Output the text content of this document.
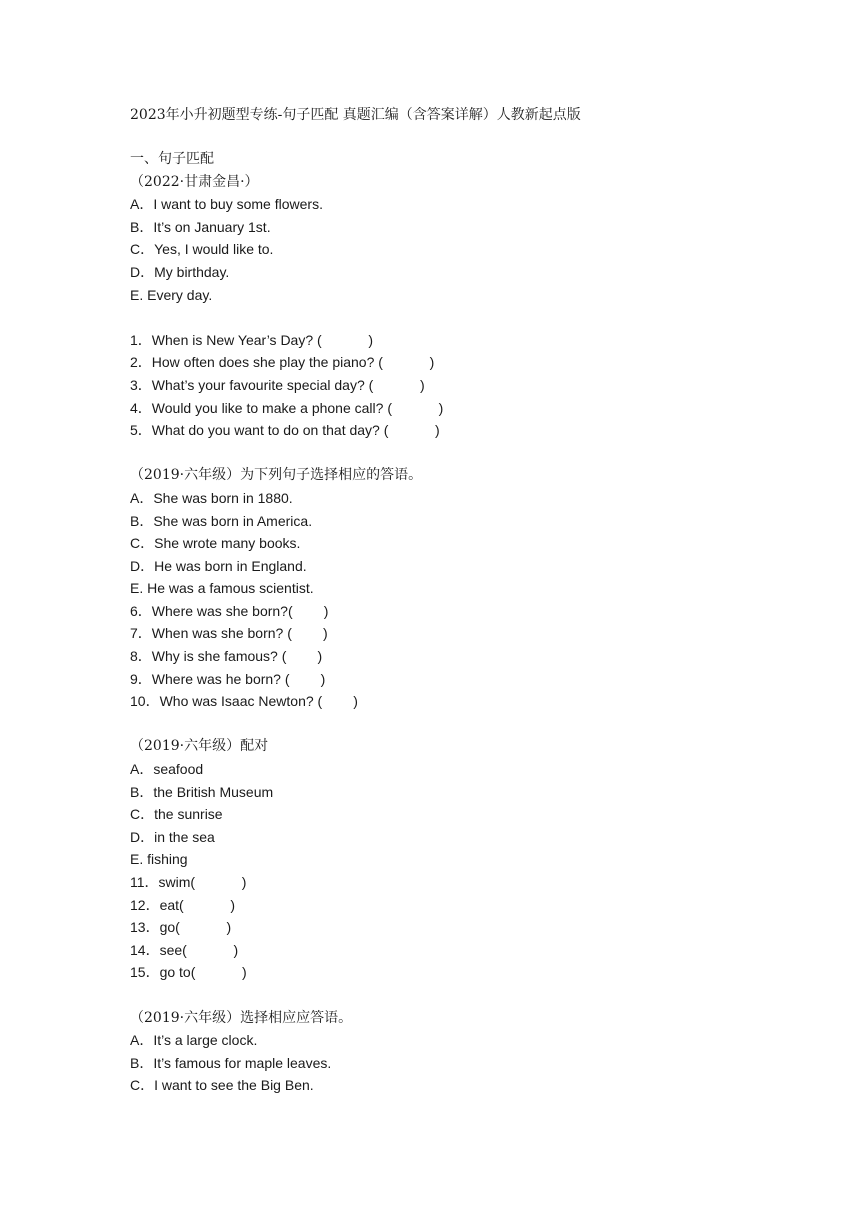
2023年小升初题型专练-句子匹配 真题汇编（含答案详解）人教新起点版
一、句子匹配
（2022·甘肃金昌·）
A．I want to buy some flowers.
B．It’s on January 1st.
C．Yes, I would like to.
D．My birthday.
E. Every day.
1．When is New Year’s Day? (            )
2．How often does she play the piano? (            )
3．What’s your favourite special day? (            )
4．Would you like to make a phone call? (            )
5．What do you want to do on that day? (            )
（2019·六年级）为下列句子选择相应的答语。
A．She was born in 1880.
B．She was born in America.
C．She wrote many books.
D．He was born in England.
E. He was a famous scientist.
6．Where was she born?(        )
7．When was she born? (        )
8．Why is she famous? (        )
9．Where was he born? (        )
10．Who was Isaac Newton? (        )
（2019·六年级）配对
A．seafood
B．the British Museum
C．the sunrise
D．in the sea
E. fishing
11．swim(            )
12．eat(            )
13．go(            )
14．see(            )
15．go to(            )
（2019·六年级）选择相应应答语。
A．It’s a large clock.
B．It’s famous for maple leaves.
C．I want to see the Big Ben.
